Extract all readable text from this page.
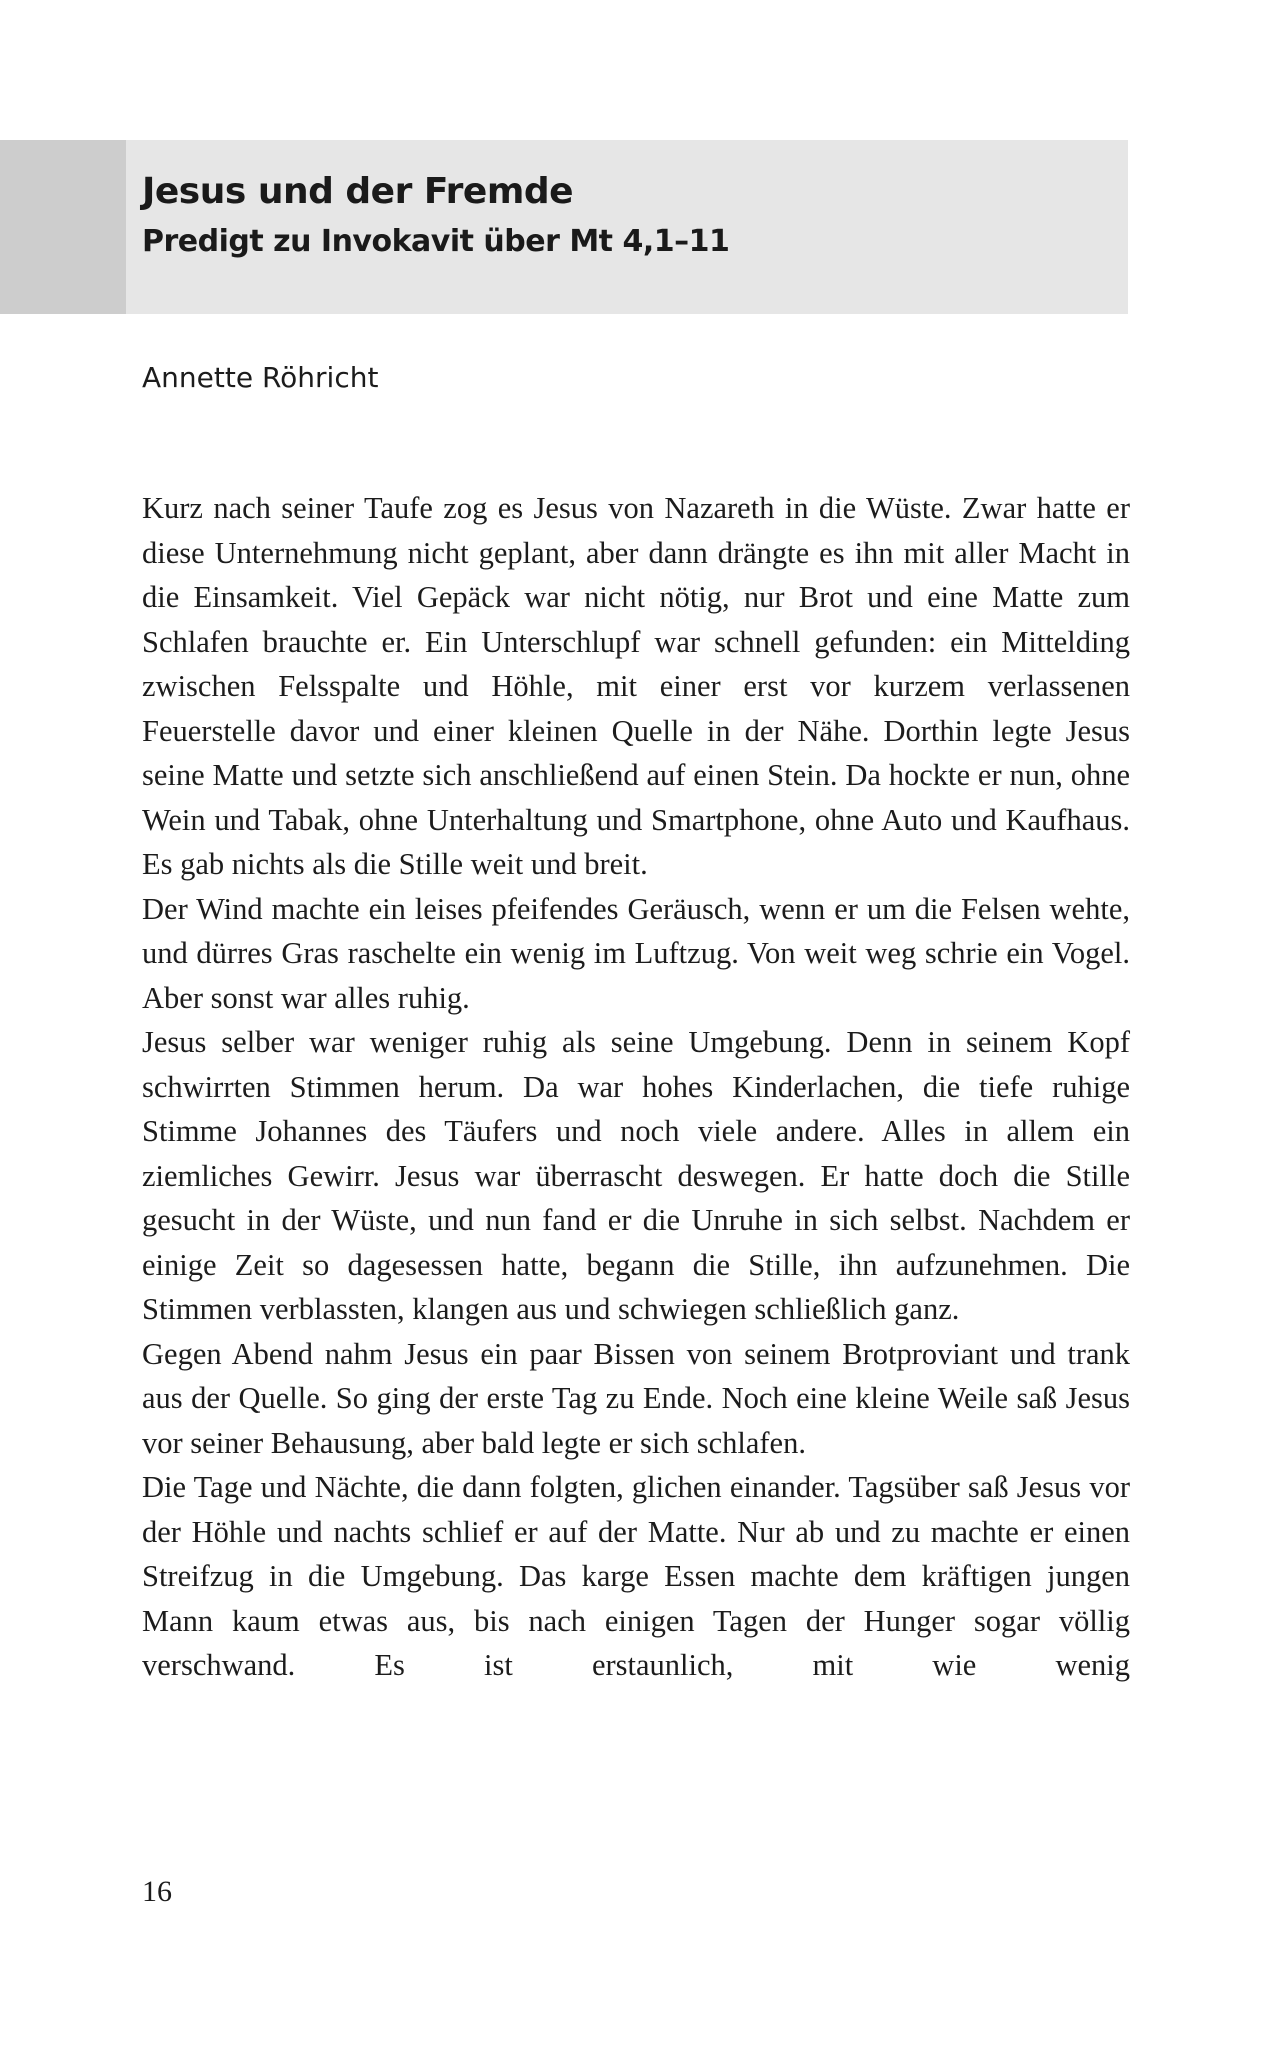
Jesus und der Fremde
Predigt zu Invokavit über Mt 4,1–11
Annette Röhricht

Kurz nach seiner Taufe zog es Jesus von Nazareth in die Wüste. Zwar hatte er diese Unternehmung nicht geplant, aber dann drängte es ihn mit aller Macht in die Einsamkeit. Viel Gepäck war nicht nötig, nur Brot und eine Matte zum Schlafen brauchte er. Ein Unterschlupf war schnell gefunden: ein Mittelding zwischen Felsspalte und Höhle, mit einer erst vor kurzem verlassenen Feuerstelle davor und einer kleinen Quelle in der Nähe. Dorthin legte Jesus seine Matte und setzte sich anschließend auf einen Stein. Da hockte er nun, ohne Wein und Tabak, ohne Unterhaltung und Smartphone, ohne Auto und Kaufhaus. Es gab nichts als die Stille weit und breit.

Der Wind machte ein leises pfeifendes Geräusch, wenn er um die Felsen wehte, und dürres Gras raschelte ein wenig im Luftzug. Von weit weg schrie ein Vogel. Aber sonst war alles ruhig.

Jesus selber war weniger ruhig als seine Umgebung. Denn in seinem Kopf schwirrten Stimmen herum. Da war hohes Kinderlachen, die tiefe ruhige Stimme Johannes des Täufers und noch viele andere. Alles in allem ein ziemliches Gewirr. Jesus war überrascht deswegen. Er hatte doch die Stille gesucht in der Wüste, und nun fand er die Unruhe in sich selbst. Nachdem er einige Zeit so dagesessen hatte, begann die Stille, ihn aufzunehmen. Die Stimmen verblassten, klangen aus und schwiegen schließlich ganz.

Gegen Abend nahm Jesus ein paar Bissen von seinem Brotproviant und trank aus der Quelle. So ging der erste Tag zu Ende. Noch eine kleine Weile saß Jesus vor seiner Behausung, aber bald legte er sich schlafen.

Die Tage und Nächte, die dann folgten, glichen einander. Tagsüber saß Jesus vor der Höhle und nachts schlief er auf der Matte. Nur ab und zu machte er einen Streifzug in die Umgebung. Das karge Essen machte dem kräftigen jungen Mann kaum etwas aus, bis nach einigen Tagen der Hunger sogar völlig verschwand. Es ist erstaunlich, mit wie wenig

16
